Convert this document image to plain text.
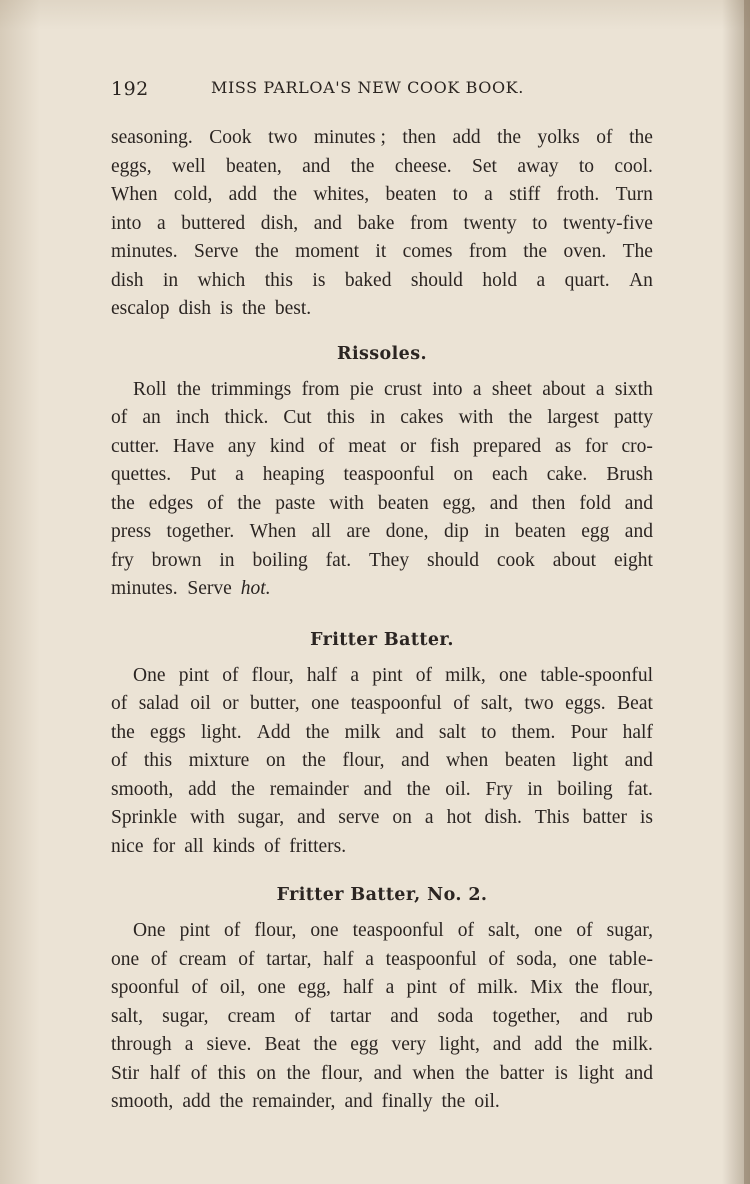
192	MISS PARLOA'S NEW COOK BOOK.
seasoning. Cook two minutes ; then add the yolks of the
eggs, well beaten, and the cheese. Set away to cool.
When cold, add the whites, beaten to a stiff froth. Turn
into a buttered dish, and bake from twenty to twenty-five
minutes. Serve the moment it comes from the oven. The
dish in which this is baked should hold a quart. An
escalop dish is the best.
Rissoles.
Roll the trimmings from pie crust into a sheet about a sixth
of an inch thick. Cut this in cakes with the largest patty
cutter. Have any kind of meat or fish prepared as for cro-
quettes. Put a heaping teaspoonful on each cake. Brush
the edges of the paste with beaten egg, and then fold and
press together. When all are done, dip in beaten egg and
fry brown in boiling fat. They should cook about eight
minutes.  Serve hot.
Fritter Batter.
One pint of flour, half a pint of milk, one table-spoonful
of salad oil or butter, one teaspoonful of salt, two eggs. Beat
the eggs light. Add the milk and salt to them. Pour half
of this mixture on the flour, and when beaten light and
smooth, add the remainder and the oil. Fry in boiling fat.
Sprinkle with sugar, and serve on a hot dish. This batter is
nice for all kinds of fritters.
Fritter Batter, No. 2.
One pint of flour, one teaspoonful of salt, one of sugar,
one of cream of tartar, half a teaspoonful of soda, one table-
spoonful of oil, one egg, half a pint of milk. Mix the flour,
salt, sugar, cream of tartar and soda together, and rub
through a sieve. Beat the egg very light, and add the milk.
Stir half of this on the flour, and when the batter is light and
smooth, add the remainder, and finally the oil.
